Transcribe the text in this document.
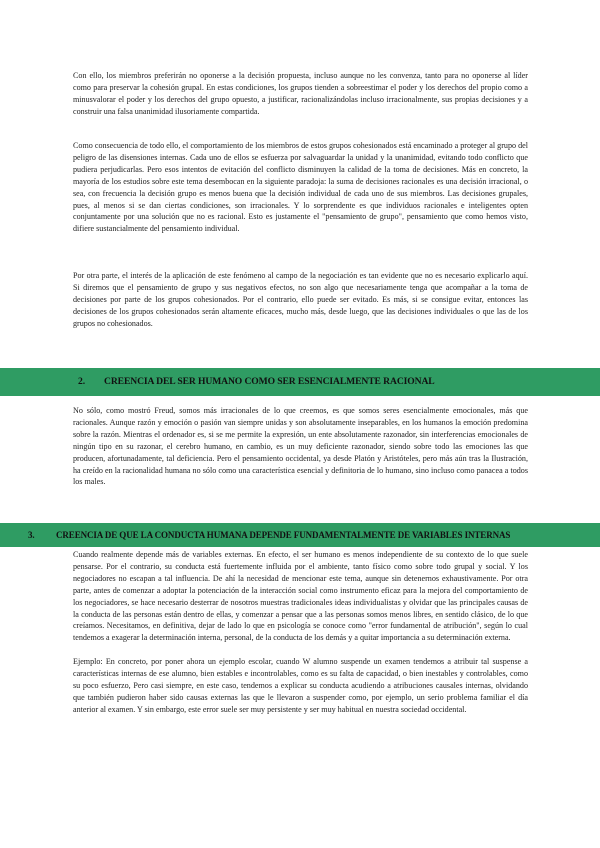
Con ello, los miembros preferirán no oponerse a la decisión propuesta, incluso aunque no les convenza, tanto para no oponerse al líder como para preservar la cohesión grupal. En estas condiciones, los grupos tienden a sobreestimar el poder y los derechos del propio como a minusvalorar el poder y los derechos del grupo opuesto, a justificar, racionalizándolas incluso irracionalmente, sus propias decisiones y a construir una falsa unanimidad ilusoriamente compartida.

Como consecuencia de todo ello, el comportamiento de los miembros de estos grupos cohesionados está encaminado a proteger al grupo del peligro de las disensiones internas. Cada uno de ellos se esfuerza por salvaguardar la unidad y la unanimidad, evitando todo conflicto que pudiera perjudicarlas. Pero esos intentos de evitación del conflicto disminuyen la calidad de la toma de decisiones. Más en concreto, la mayoría de los estudios sobre este tema desembocan en la siguiente paradoja: la suma de decisiones racionales es una decisión irracional, o sea, con frecuencia la decisión grupo es menos buena que la decisión individual de cada uno de sus miembros. Las decisiones grupales, pues, al menos si se dan ciertas condiciones, son irracionales. Y lo sorprendente es que individuos racionales e inteligentes opten conjuntamente por una solución que no es racional. Esto es justamente el "pensamiento de grupo", pensamiento que como hemos visto, difiere sustancialmente del pensamiento individual.

Por otra parte, el interés de la aplicación de este fenómeno al campo de la negociación es tan evidente que no es necesario explicarlo aquí. Si diremos que el pensamiento de grupo y sus negativos efectos, no son algo que necesariamente tenga que acompañar a la toma de decisiones por parte de los grupos cohesionados. Por el contrario, ello puede ser evitado. Es más, si se consigue evitar, entonces las decisiones de los grupos cohesionados serán altamente eficaces, mucho más, desde luego, que las decisiones individuales o que las de los grupos no cohesionados.

2. CREENCIA DEL SER HUMANO COMO SER ESENCIALMENTE RACIONAL

No sólo, como mostró Freud, somos más irracionales de lo que creemos, es que somos seres esencialmente emocionales, más que racionales. Aunque razón y emoción o pasión van siempre unidas y son absolutamente inseparables, en los humanos la emoción predomina sobre la razón. Mientras el ordenador es, si se me permite la expresión, un ente absolutamente razonador, sin interferencias emocionales de ningún tipo en su razonar, el cerebro humano, en cambio, es un muy deficiente razonador, siendo sobre todo las emociones las que producen, afortunadamente, tal deficiencia. Pero el pensamiento occidental, ya desde Platón y Aristóteles, pero más aún tras la Ilustración, ha creído en la racionalidad humana no sólo como una característica esencial y definitoria de lo humano, sino incluso como panacea a todos los males.

3. CREENCIA DE QUE LA CONDUCTA HUMANA DEPENDE FUNDAMENTALMENTE DE VARIABLES INTERNAS

Cuando realmente depende más de variables externas. En efecto, el ser humano es menos independiente de su contexto de lo que suele pensarse. Por el contrario, su conducta está fuertemente influida por el ambiente, tanto físico como sobre todo grupal y social. Y los negociadores no escapan a tal influencia. De ahí la necesidad de mencionar este tema, aunque sin detenernos exhaustivamente. Por otra parte, antes de comenzar a adoptar la potenciación de la interacción social como instrumento eficaz para la mejora del comportamiento de los negociadores, se hace necesario desterrar de nosotros muestras tradicionales ideas individualistas y olvidar que las principales causas de la conducta de las personas están dentro de ellas, y comenzar a pensar que a las personas somos menos libres, en sentido clásico, de lo que creíamos. Necesitamos, en definitiva, dejar de lado lo que en psicología se conoce como "error fundamental de atribución", según lo cual tendemos a exagerar la determinación interna, personal, de la conducta de los demás y a quitar importancia a su determinación externa.

Ejemplo: En concreto, por poner ahora un ejemplo escolar, cuando W alumno suspende un examen tendemos a atribuir tal suspense a características internas de ese alumno, bien estables e incontrolables, como es su falta de capacidad, o bien inestables y controlables, como su poco esfuerzo, Pero casi siempre, en este caso, tendemos a explicar su conducta acudiendo a atribuciones causales internas, olvidando que también pudieron haber sido causas externas las que le llevaron a suspender como, por ejemplo, un serio problema familiar el día anterior al examen. Y sin embargo, este error suele ser muy persistente y ser muy habitual en nuestra sociedad occidental.
